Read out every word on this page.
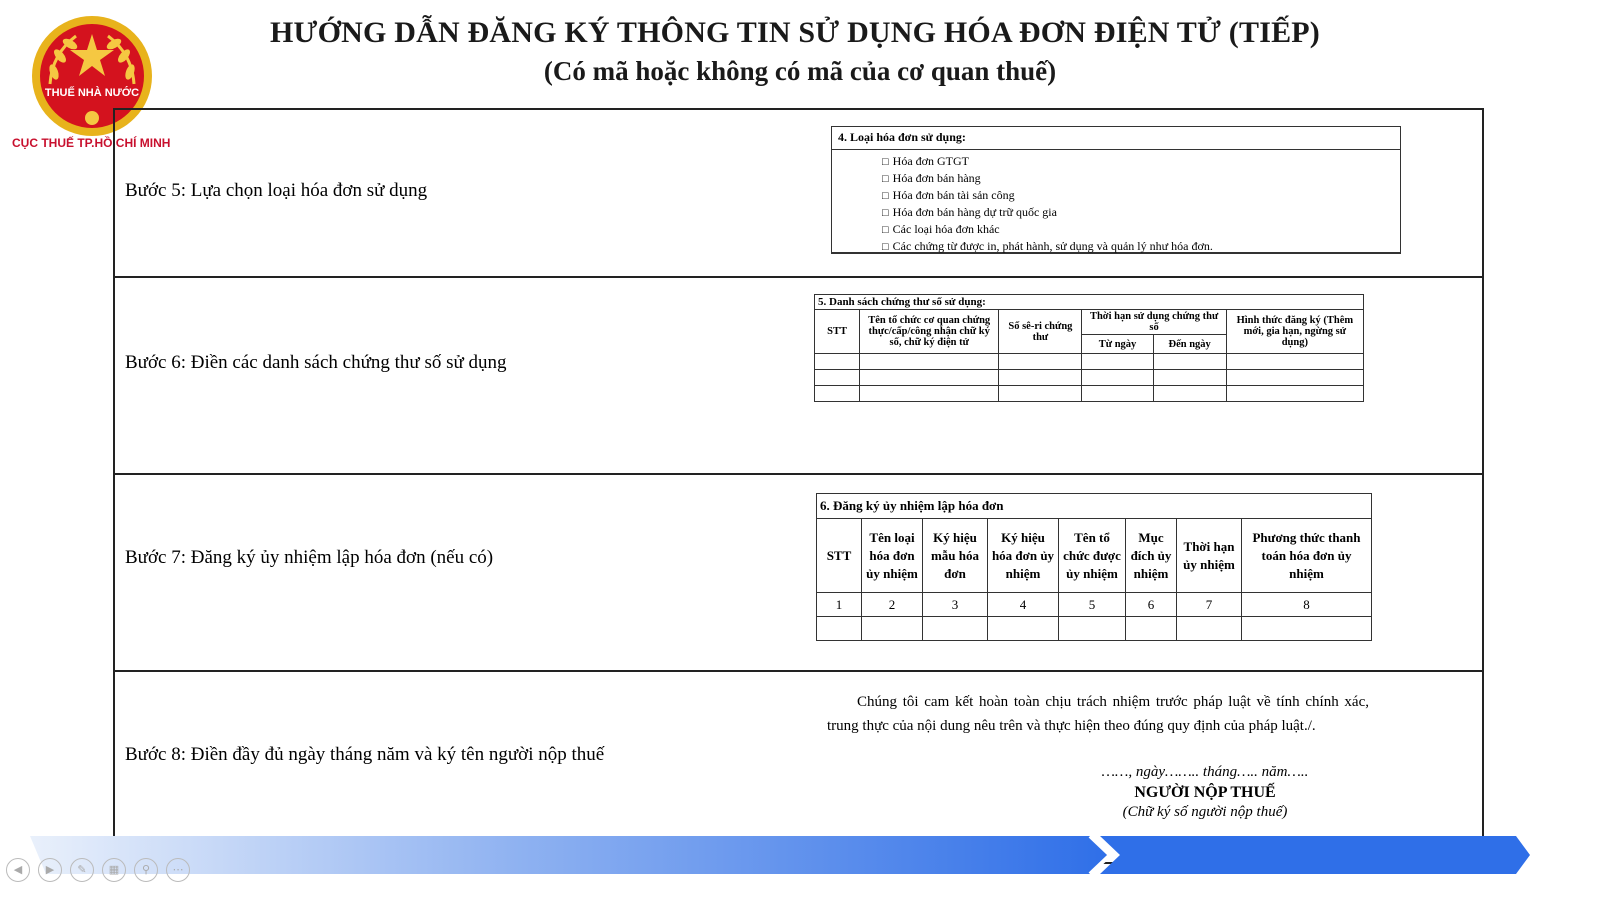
THUẾ NHÀ NƯỚC
CỤC THUẾ TP.HỒ CHÍ MINH
HƯỚNG DẪN ĐĂNG KÝ THÔNG TIN SỬ DỤNG HÓA ĐƠN ĐIỆN TỬ (TIẾP)
(Có mã hoặc không có mã của cơ quan thuế)
Bước 5: Lựa chọn loại hóa đơn sử dụng
4. Loại hóa đơn sử dụng:
□ Hóa đơn GTGT
□ Hóa đơn bán hàng
□ Hóa đơn bán tài sản công
□ Hóa đơn bán hàng dự trữ quốc gia
□ Các loại hóa đơn khác
□ Các chứng từ được in, phát hành, sử dụng và quản lý như hóa đơn.
Bước 6: Điền các danh sách chứng thư số sử dụng
5. Danh sách chứng thư số sử dụng:					
STT	Tên tổ chức cơ quan chứng thực/cấp/công nhận chữ ký số, chữ ký điện tử	Số sê-ri chứng thư	Thời hạn sử dụng chứng thư số		Hình thức đăng ký (Thêm mới, gia hạn, ngừng sử dụng)
			Từ ngày	Đến ngày	

Bước 7: Đăng ký ủy nhiệm lập hóa đơn (nếu có)
6. Đăng ký ủy nhiệm lập hóa đơn							
STT	Tên loại hóa đơn ủy nhiệm	Ký hiệu mẫu hóa đơn	Ký hiệu hóa đơn ủy nhiệm	Tên tổ chức được ủy nhiệm	Mục đích ủy nhiệm	Thời hạn ủy nhiệm	Phương thức thanh toán hóa đơn ủy nhiệm
1	2	3	4	5	6	7	8

Bước 8: Điền đầy đủ ngày tháng năm và ký tên người nộp thuế
Chúng tôi cam kết hoàn toàn chịu trách nhiệm trước pháp luật về tính chính xác, trung thực của nội dung nêu trên và thực hiện theo đúng quy định của pháp luật./.
……, ngày…….. tháng….. năm…..
NGƯỜI NỘP THUẾ
(Chữ ký số người nộp thuế)
◀	▶	✎	▦	⚲	⋯
